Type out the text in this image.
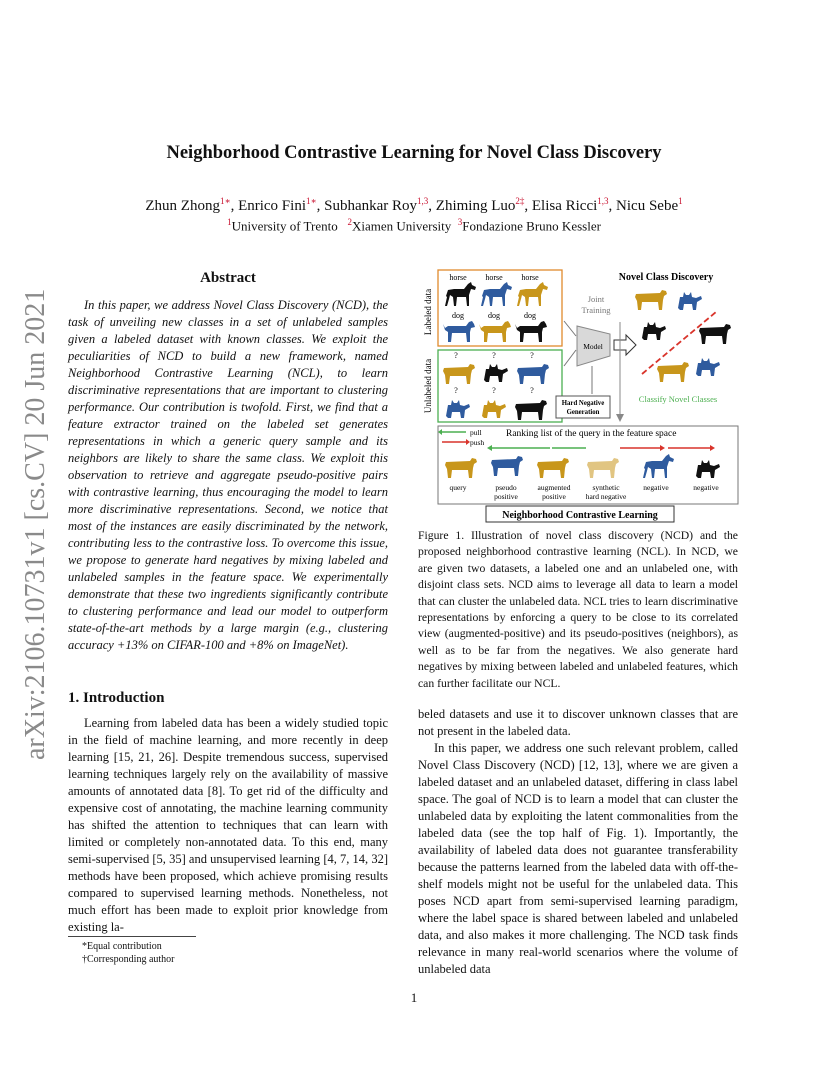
Neighborhood Contrastive Learning for Novel Class Discovery
Zhun Zhong$^{1∗}$, Enrico Fini$^{1∗}$, Subhankar Roy$^{1,3}$, Zhiming Luo$^{2\ddagger}$, Elisa Ricci$^{1,3}$, Nicu Sebe$^1$
$^1$University of Trento   $^2$Xiamen University  $^3$Fondazione Bruno Kessler
arXiv:2106.10731v1 [cs.CV] 20 Jun 2021
Abstract

In this paper, we address Novel Class Discovery (NCD), the task of unveiling new classes in a set of unlabeled samples given a labeled dataset with known classes. We exploit the peculiarities of NCD to build a new framework, named Neighborhood Contrastive Learning (NCL), to learn discriminative representations that are important to clustering performance. Our contribution is twofold. First, we find that a feature extractor trained on the labeled set generates representations in which a generic query sample and its neighbors are likely to share the same class. We exploit this observation to retrieve and aggregate pseudo-positive pairs with contrastive learning, thus encouraging the model to learn more discriminative representations. Second, we notice that most of the instances are easily discriminated by the network, contributing less to the contrastive loss. To overcome this issue, we propose to generate hard negatives by mixing labeled and unlabeled samples in the feature space. We experimentally demonstrate that these two ingredients significantly contribute to clustering performance and lead our model to outperform state-of-the-art methods by a large margin (e.g., clustering accuracy +13% on CIFAR-100 and +8% on ImageNet).

1. Introduction

Learning from labeled data has been a widely studied topic in the field of machine learning, and more recently in deep learning [15, 21, 26]. Despite tremendous success, supervised learning techniques largely rely on the availability of massive amounts of annotated data [8]. To get rid of the difficulty and expensive cost of annotating, the machine learning community has shifted the attention to techniques that can learn with limited or completely non-annotated data. To this end, many semi-supervised [5, 35] and unsupervised learning [4, 7, 14, 32] methods have been proposed, which achieve promising results compared to supervised learning methods. Nonetheless, not much effort has been made to exploit prior knowledge from existing la-

*Equal contribution
†Corresponding author
Labeled data
Unlabeled data
horse horse horse
dog	dog	dog
?	?	?
?	?	?
Joint Training
Model
Hard Negative Generation
Novel Class Discovery
Classify Novel Classes
pull
push
Ranking list of the query in the feature space
query	pseudo positive
augmented positive
synthetic hard negative
negative	negative
Neighborhood Contrastive Learning
Figure 1. Illustration of novel class discovery (NCD) and the proposed neighborhood contrastive learning (NCL). In NCD, we are given two datasets, a labeled one and an unlabeled one, with disjoint class sets. NCD aims to leverage all data to learn a model that can cluster the unlabeled data. NCL tries to learn discriminative representations by enforcing a query to be close to its correlated view (augmented-positive) and its pseudo-positives (neighbors), as well as to be far from the negatives. We also generate hard negatives by mixing between labeled and unlabeled features, which can further facilitate our NCL.

beled datasets and use it to discover unknown classes that are not present in the labeled data.

In this paper, we address one such relevant problem, called Novel Class Discovery (NCD) [12, 13], where we are given a labeled dataset and an unlabeled dataset, differing in class label space. The goal of NCD is to learn a model that can cluster the unlabeled data by exploiting the latent commonalities from the labeled data (see the top half of Fig. 1). Importantly, the availability of labeled data does not guarantee transferability because the patterns learned from the labeled data with off-the-shelf models might not be useful for the unlabeled data. This poses NCD apart from semi-supervised learning paradigm, where the label space is shared between labeled and unlabeled data, and also makes it more challenging. The NCD task finds relevance in many real-world scenarios where the volume of unlabeled data

1
